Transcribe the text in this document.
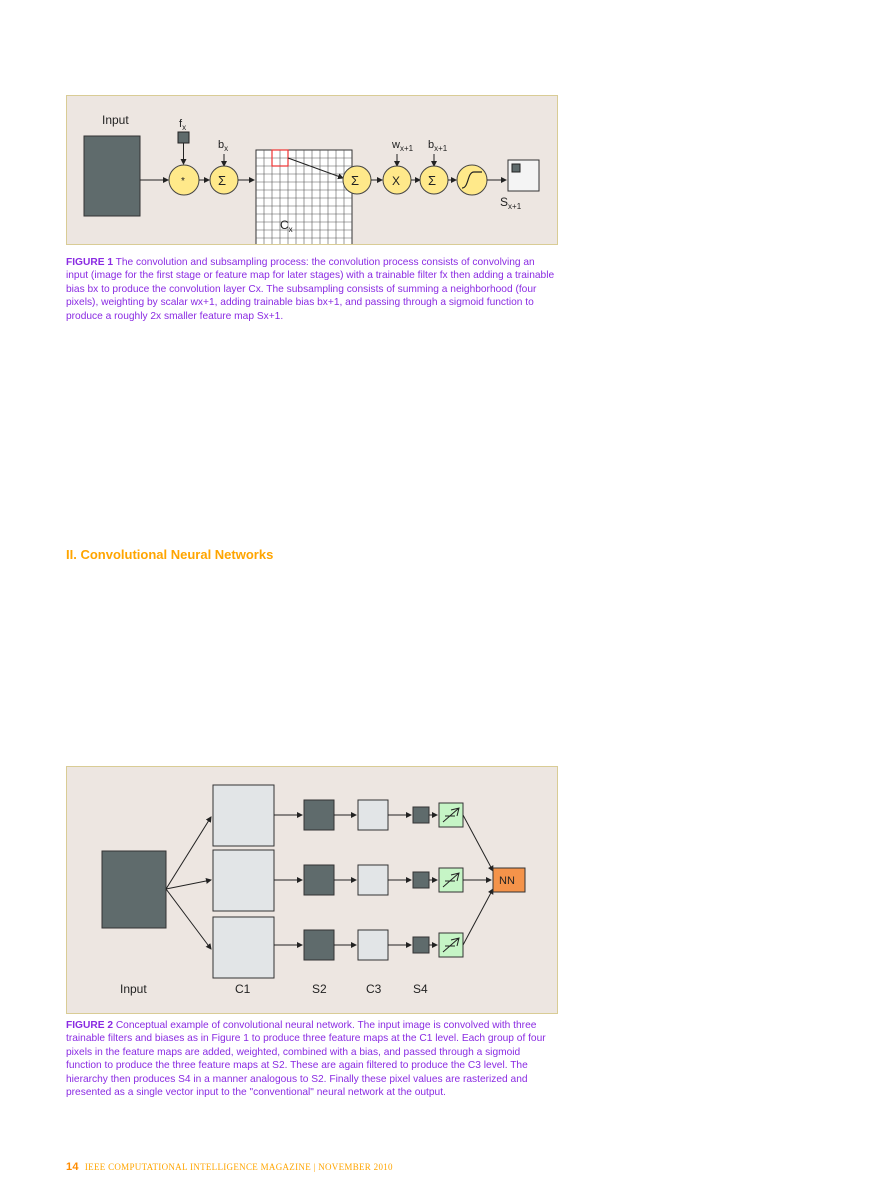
Input	$f_x$
*
$b_x$
Σ
$C_x$
Σ
$w_{x+1}$
X
$b_{x+1}$
Σ
$S_{x+1}$
FIGURE 1 The convolution and subsampling process: the convolution process consists of convolving an input (image for the first stage or feature map for later stages) with a trainable filter fx then adding a trainable bias bx to produce the convolution layer Cx. The subsampling consists of summing a neighborhood (four pixels), weighting by scalar wx+1, adding trainable bias bx+1, and passing through a sigmoid function to produce a roughly 2x smaller feature map Sx+1.

in-depth look at the foundations of these technologies, the reader is referred to [7]. Section IV contains other deep architectures that are currently being proposed. Section V contains a brief note about how this research has impacted government and industry initiatives. The conclusion provides a perspective of the potential impact of deep-layered architectures as well as key questions that remain to be answered.

II. Convolutional Neural Networks

CNNs [8] [9] are a family of multi-layer neural networks particularly designed for use on two-dimensional data, such as images and videos. CNNs are influenced by earlier work in time-delay neural networks (TDNN), which reduce learning computation requirements by sharing weights in a temporal dimension and

are intended for speech and time-series processing [53]. CNNs are the first truly successful deep learning approach where many layers of a hierarchy are successfully trained in a robust manner. A CNN is a choice of topology or architecture that leverages spatial relationships to reduce the number of parameters which must be learned and thus improves upon general feed-forward back propagation training. CNNs were proposed as a deep learning framework that is motivated by minimal data preprocessing requirements. In CNNs, small portions of the image (dubbed a local receptive field) are treated as inputs to the lowest layer of the hierarchical structure. Information generally propagates through the different layers of the network whereby at each layer digital filtering is applied in order to obtain salient features of the

data observed. The method provides a level of invariance to shift, scale and rotation as the local receptive field allows the neuron or processing unit access to elementary features such as oriented edges or corners.

One of the seminal papers on the topic [8] describes an application of CNNs to the classification handwritten digits in the MNIST database. Essentially, the input image is convolved with a set of N small filters whose coefficients are either trained or pre-determined using some criteria. Thus, the first (or lowest) layer of the network consists of "feature maps" which are the result of the convolution processes, with an additive bias and possibly a compression or normalization of the features. This initial stage is followed by a subsampling (typically a 2 × 2 averaging operation) that further reduces the dimensionality and offers some robustness to spatial shifts (see Figure 1). The subsampled feature map then receives a weighting and trainable bias and finally propagates through an activation function. Some variants of this exist with as few as one map per layer [13] or summations of multiple maps [8].

When the weighting is small, the activation function is nearly linear and the result is a blurring of the image; other weightings can cause the activation output to resemble an AND or OR function. These outputs form a new feature map that is then passed through another sequence of convolution, sub-sampling and activation function flow, as illustrated in Figure 2. This process can be repeated an arbitrary number of times. It should be noted that subsequent layers can combine one or more of the previous layers; for example, in [8] the initial six feature maps are combined to form 16 feature maps in the subsequent layer. As described in [33], CNNs create their invariance to object translations by a method dubbed "feature pooling" (the S layers in Figure 2). However, feature pooling is hand crafted by the network organizer, not trained or learned by the system; in CNNs, the pooling is "tuned" by parameters in the learning process but the basic mechanism (the

NN
Input	C1	S2	C3	S4
FIGURE 2 Conceptual example of convolutional neural network. The input image is convolved with three trainable filters and biases as in Figure 1 to produce three feature maps at the C1 level. Each group of four pixels in the feature maps are added, weighted, combined with a bias, and passed through a sigmoid function to produce the three feature maps at S2. These are again filtered to produce the C3 level. The hierarchy then produces S4 in a manner analogous to S2. Finally these pixel values are rasterized and presented as a single vector input to the "conventional" neural network at the output.
14 IEEE COMPUTATIONAL INTELLIGENCE MAGAZINE | NOVEMBER 2010
